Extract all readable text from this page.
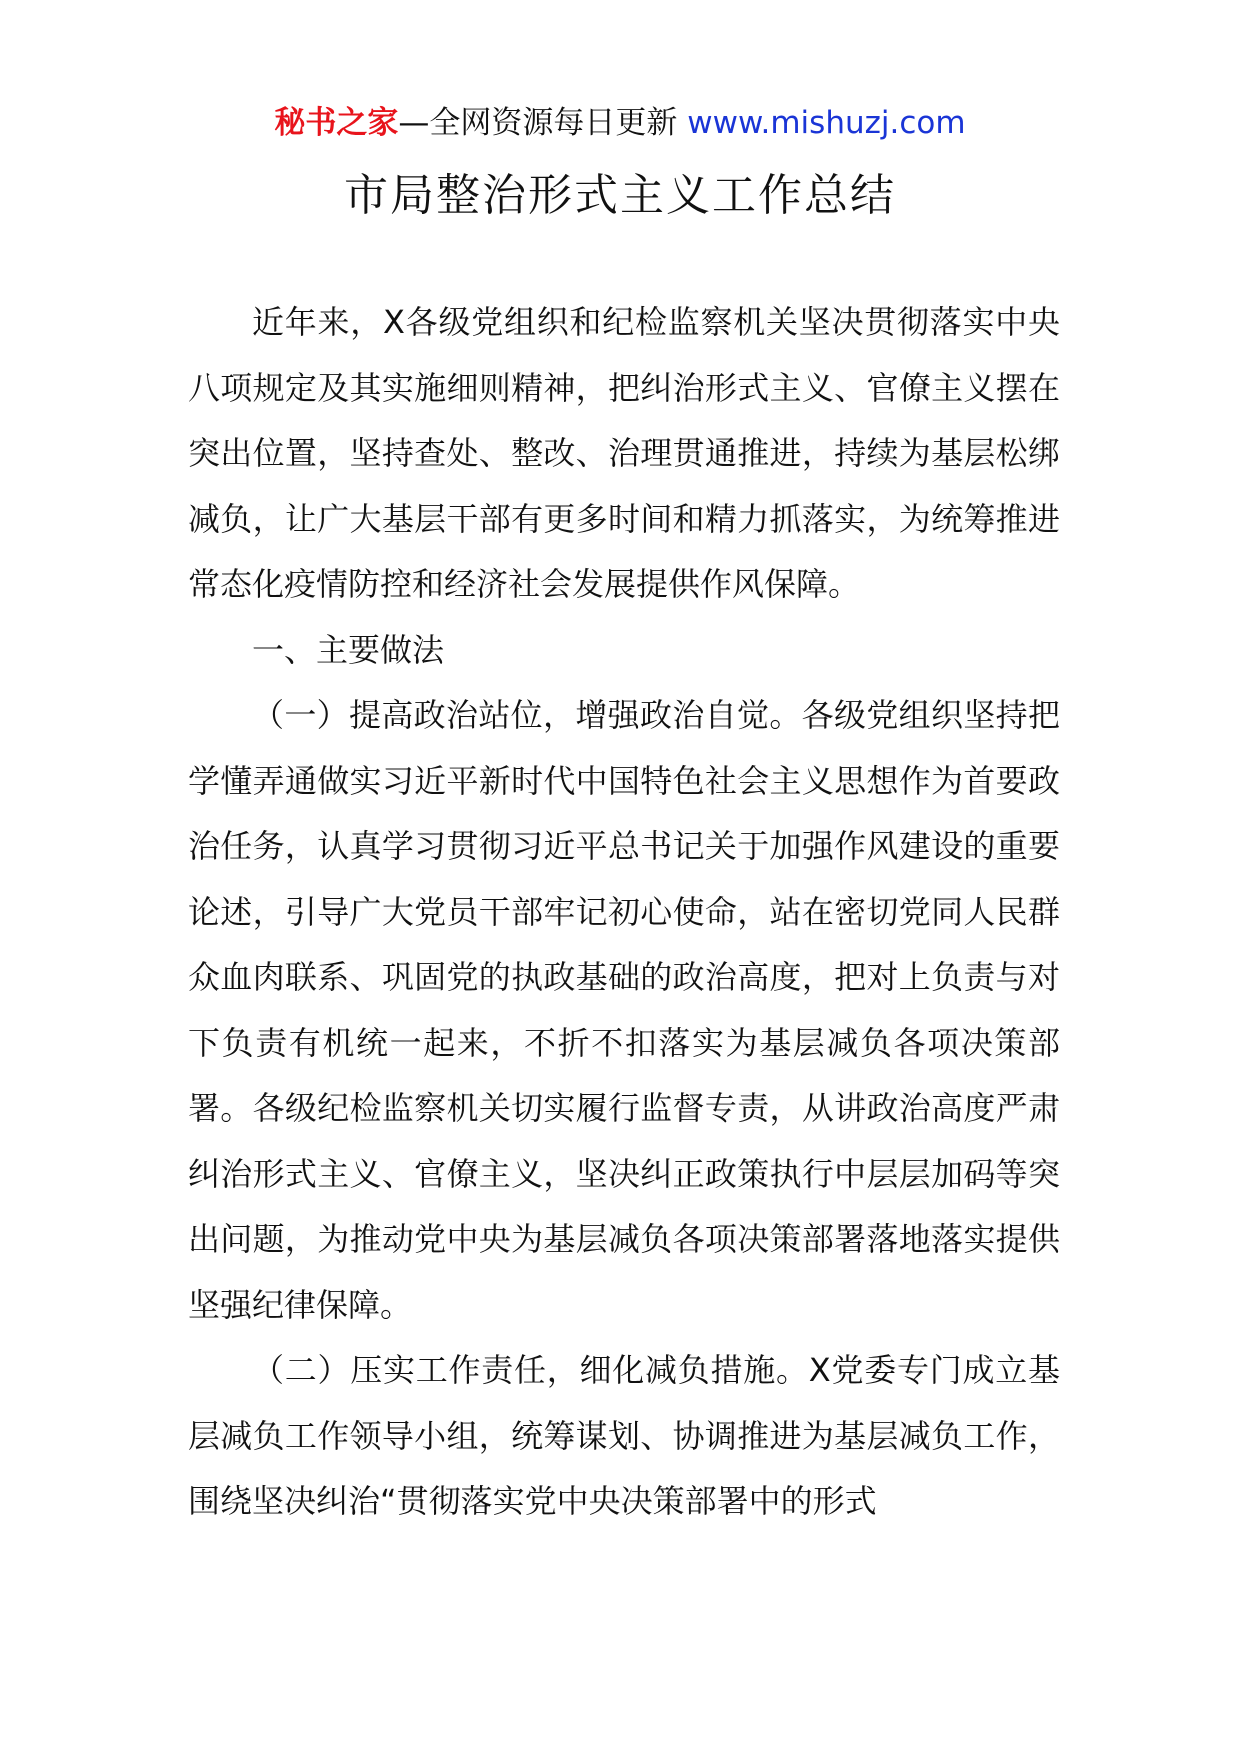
秘书之家—全网资源每日更新 www.mishuzj.com
市局整治形式主义工作总结

近年来，X各级党组织和纪检监察机关坚决贯彻落实中央八项规定及其实施细则精神，把纠治形式主义、官僚主义摆在突出位置，坚持查处、整改、治理贯通推进，持续为基层松绑减负，让广大基层干部有更多时间和精力抓落实，为统筹推进常态化疫情防控和经济社会发展提供作风保障。

一、主要做法

（一）提高政治站位，增强政治自觉。各级党组织坚持把学懂弄通做实习近平新时代中国特色社会主义思想作为首要政治任务，认真学习贯彻习近平总书记关于加强作风建设的重要论述，引导广大党员干部牢记初心使命，站在密切党同人民群众血肉联系、巩固党的执政基础的政治高度，把对上负责与对下负责有机统一起来，不折不扣落实为基层减负各项决策部署。各级纪检监察机关切实履行监督专责，从讲政治高度严肃纠治形式主义、官僚主义，坚决纠正政策执行中层层加码等突出问题，为推动党中央为基层减负各项决策部署落地落实提供坚强纪律保障。

（二）压实工作责任，细化减负措施。X党委专门成立基层减负工作领导小组，统筹谋划、协调推进为基层减负工作，围绕坚决纠治“贯彻落实党中央决策部署中的形式
